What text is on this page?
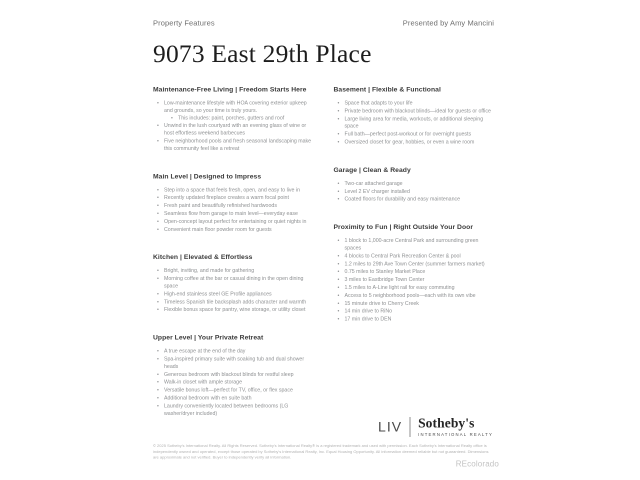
Property Features	Presented by Amy Mancini
9073 East 29th Place
Maintenance-Free Living | Freedom Starts Here
• Low-maintenance lifestyle with HOA covering exterior upkeep and grounds, so your time is truly yours.
• This includes: paint, porches, gutters and roof
• Unwind in the lush courtyard with an evening glass of wine or host effortless weekend barbecues
• Five neighborhood pools and fresh seasonal landscaping make this community feel like a retreat
Main Level | Designed to Impress
• Step into a space that feels fresh, open, and easy to live in
• Recently updated fireplace creates a warm focal point
• Fresh paint and beautifully refinished hardwoods
• Seamless flow from garage to main level—everyday ease
• Open-concept layout perfect for entertaining or quiet nights in
• Convenient main floor powder room for guests
Kitchen | Elevated & Effortless
• Bright, inviting, and made for gathering
• Morning coffee at the bar or casual dining in the open dining space
• High-end stainless steel GE Profile appliances
• Timeless Spanish tile backsplash adds character and warmth
• Flexible bonus space for pantry, wine storage, or utility closet
Upper Level | Your Private Retreat
• A true escape at the end of the day
• Spa-inspired primary suite with soaking tub and dual shower heads
• Generous bedroom with blackout blinds for restful sleep
• Walk-in closet with ample storage
• Versatile bonus loft—perfect for TV, office, or flex space
• Additional bedroom with en suite bath
• Laundry conveniently located between bedrooms (LG washer/dryer included)
Basement | Flexible & Functional
• Space that adapts to your life
• Private bedroom with blackout blinds—ideal for guests or office
• Large living area for media, workouts, or additional sleeping space
• Full bath—perfect post-workout or for overnight guests
• Oversized closet for gear, hobbies, or even a wine room
Garage | Clean & Ready
• Two-car attached garage
• Level 2 EV charger installed
• Coated floors for durability and easy maintenance
Proximity to Fun | Right Outside Your Door
• 1 block to 1,000-acre Central Park and surrounding green spaces
• 4 blocks to Central Park Recreation Center & pool
• 1.2 miles to 29th Ave Town Center (summer farmers market)
• 0.75 miles to Stanley Market Place
• 3 miles to Eastbridge Town Center
• 1.5 miles to A-Line light rail for easy commuting
• Access to 5 neighborhood pools—each with its own vibe
• 15 minute drive to Cherry Creek
• 14 min drive to RiNo
• 17 min drive to DEN
LIV Sotheby's
INTERNATIONAL REALTY
© 2025 Sotheby's International Realty. All Rights Reserved. Sotheby's International Realty® is a registered trademark and used with permission. Each Sotheby's International Realty office is independently owned and operated, except those operated by Sotheby's International Realty, Inc. Equal Housing Opportunity. All information deemed reliable but not guaranteed. Dimensions are approximate and not verified. Buyer to independently verify all information.
REcolorado
